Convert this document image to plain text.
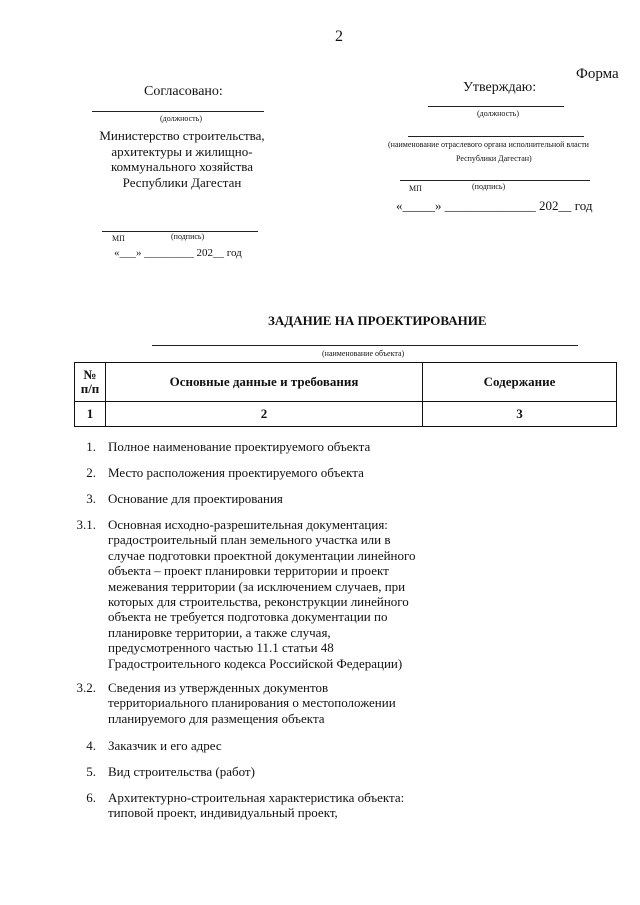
2
Форма
Согласовано:
(должность)
Министерство строительства,
архитектуры и жилищно-
коммунального хозяйства
Республики Дагестан
МП	(подпись)
«___» _________ 202__ год
Утверждаю:
(должность)
(наименование отраслевого органа исполнительной власти
Республики Дагестан)
МП	(подпись)
«_____» ______________ 202__ год
ЗАДАНИЕ НА ПРОЕКТИРОВАНИЕ
(наименование объекта)
№
п/п	Основные данные и требования	Содержание
1	2	3
1. Полное наименование проектируемого объекта
2. Место расположения проектируемого объекта
3. Основание для проектирования
3.1. Основная исходно-разрешительная документация:
градостроительный план земельного участка или в
случае подготовки проектной документации линейного
объекта – проект планировки территории и проект
межевания территории (за исключением случаев, при
которых для строительства, реконструкции линейного
объекта не требуется подготовка документации по
планировке территории, а также случая,
предусмотренного частью 11.1 статьи 48
Градостроительного кодекса Российской Федерации)
3.2. Сведения из утвержденных документов
территориального планирования о местоположении
планируемого для размещения объекта
4. Заказчик и его адрес
5. Вид строительства (работ)
6. Архитектурно-строительная характеристика объекта:
типовой проект, индивидуальный проект,
